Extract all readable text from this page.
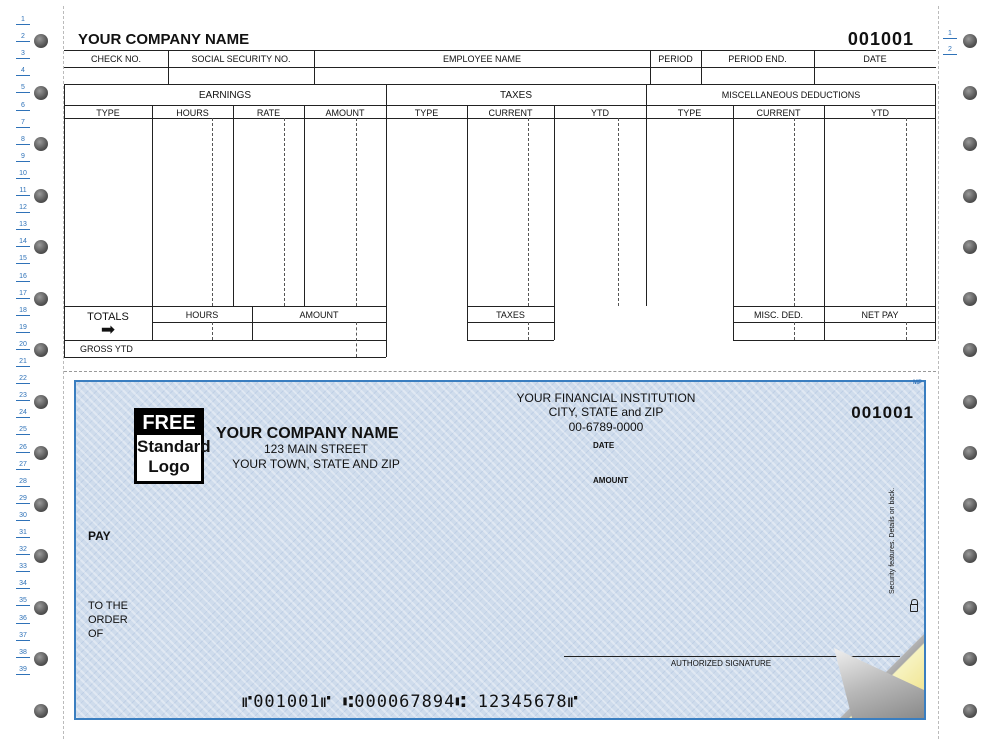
1
2
3
4
5
6
7
8
9
10
11
12
13
14
15
16
17
18
19
20
21
22
23
24
25
26
27
28
29
30
31
32
33
34
35
36
37
38
39
1
2
YOUR COMPANY NAME	001001
CHECK NO.	SOCIAL SECURITY NO.	EMPLOYEE NAME	PERIOD	PERIOD END.	DATE
EARNINGS	TAXES	MISCELLANEOUS DEDUCTIONS
TYPE	HOURS	RATE	AMOUNT	TYPE	CURRENT	YTD	TYPE	CURRENT	YTD
TOTALS
➡
HOURS	AMOUNT	TAXES	MISC. DED.	NET PAY
GROSS YTD
MP
FREE
Standard
Logo
YOUR COMPANY NAME
123 MAIN STREET
YOUR TOWN, STATE AND ZIP
YOUR FINANCIAL INSTITUTION
CITY, STATE and ZIP
00-6789-0000
001001
DATE
AMOUNT
PAY
TO THE
ORDER
OF
AUTHORIZED SIGNATURE
Security features. Details on back.
⑈001001⑈ ⑆000067894⑆ 12345678⑈
